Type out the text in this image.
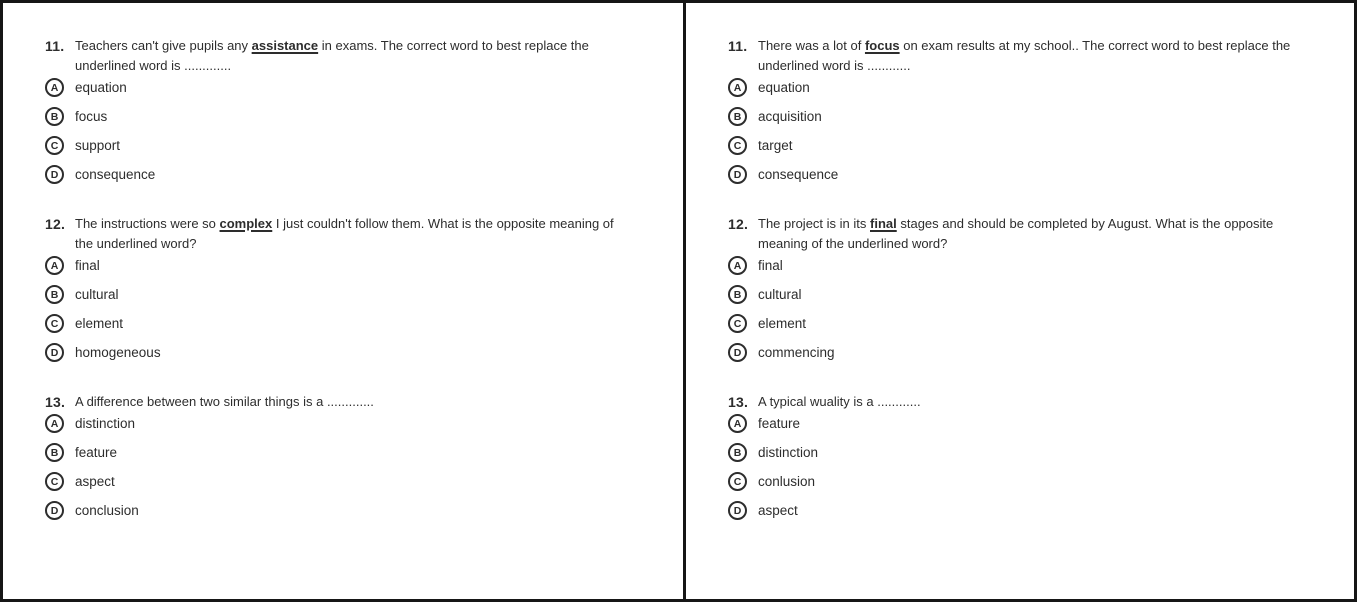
11. Teachers can't give pupils any assistance in exams. The correct word to best replace the
underlined word is .............
A	equation
B	focus
C	support
D	consequence
12. The instructions were so complex I just couldn't follow them. What is the opposite meaning of
the underlined word?
A	final
B	cultural
C	element
D	homogeneous
13. A difference between two similar things is a .............
A	distinction
B	feature
C	aspect
D	conclusion
11. There was a lot of focus on exam results at my school.. The correct word to best replace the
underlined word is ............
A	equation
B	acquisition
C	target
D	consequence
12. The project is in its final stages and should be completed by August. What is the opposite
meaning of the underlined word?
A	final
B	cultural
C	element
D	commencing
13. A typical wuality is a ............
A	feature
B	distinction
C	conlusion
D	aspect
